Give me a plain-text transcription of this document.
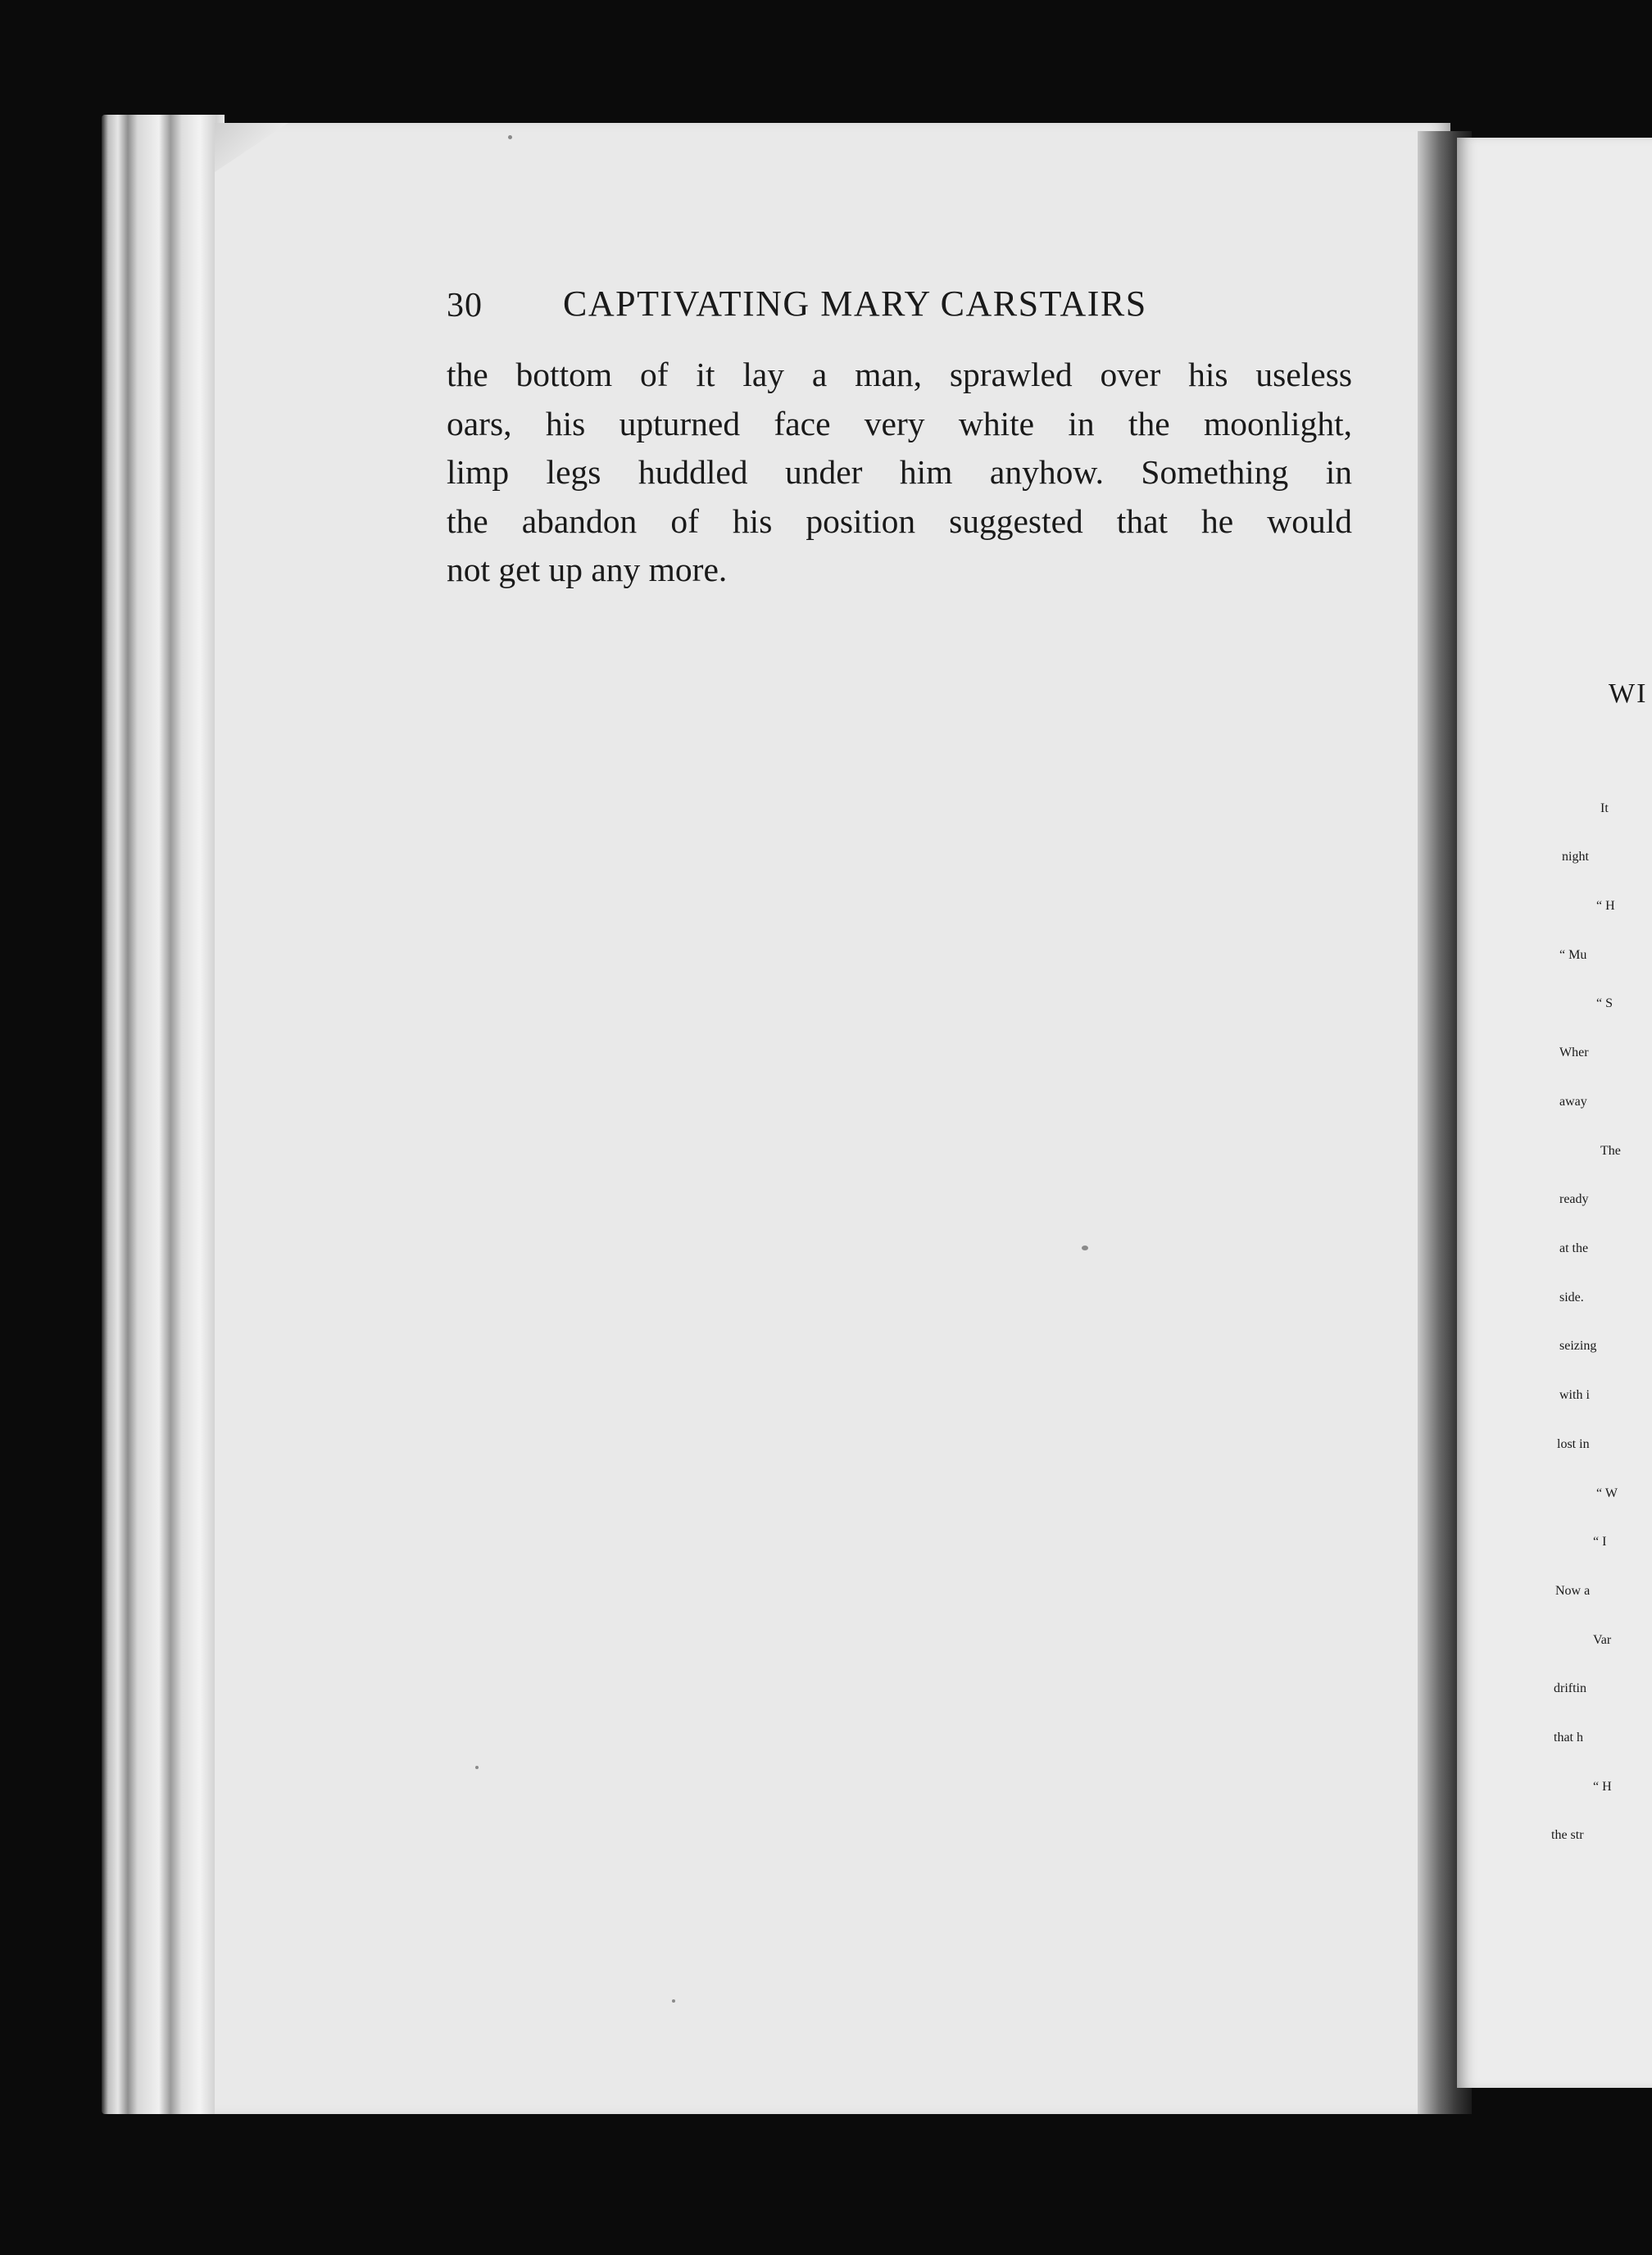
30 CAPTIVATING MARY CARSTAIRS
the bottom of it lay a man, sprawled over his useless
oars, his upturned face very white in the moonlight,
limp legs huddled under him anyhow. Something in
the abandon of his position suggested that he would
not get up any more.
WI
It
night
“ H
“ Mu
“ S
Wher
away
The
ready
at the
side.
seizing
with i
lost in
“ W
“ I
Now a
Var
driftin
that h
“ H
the str
